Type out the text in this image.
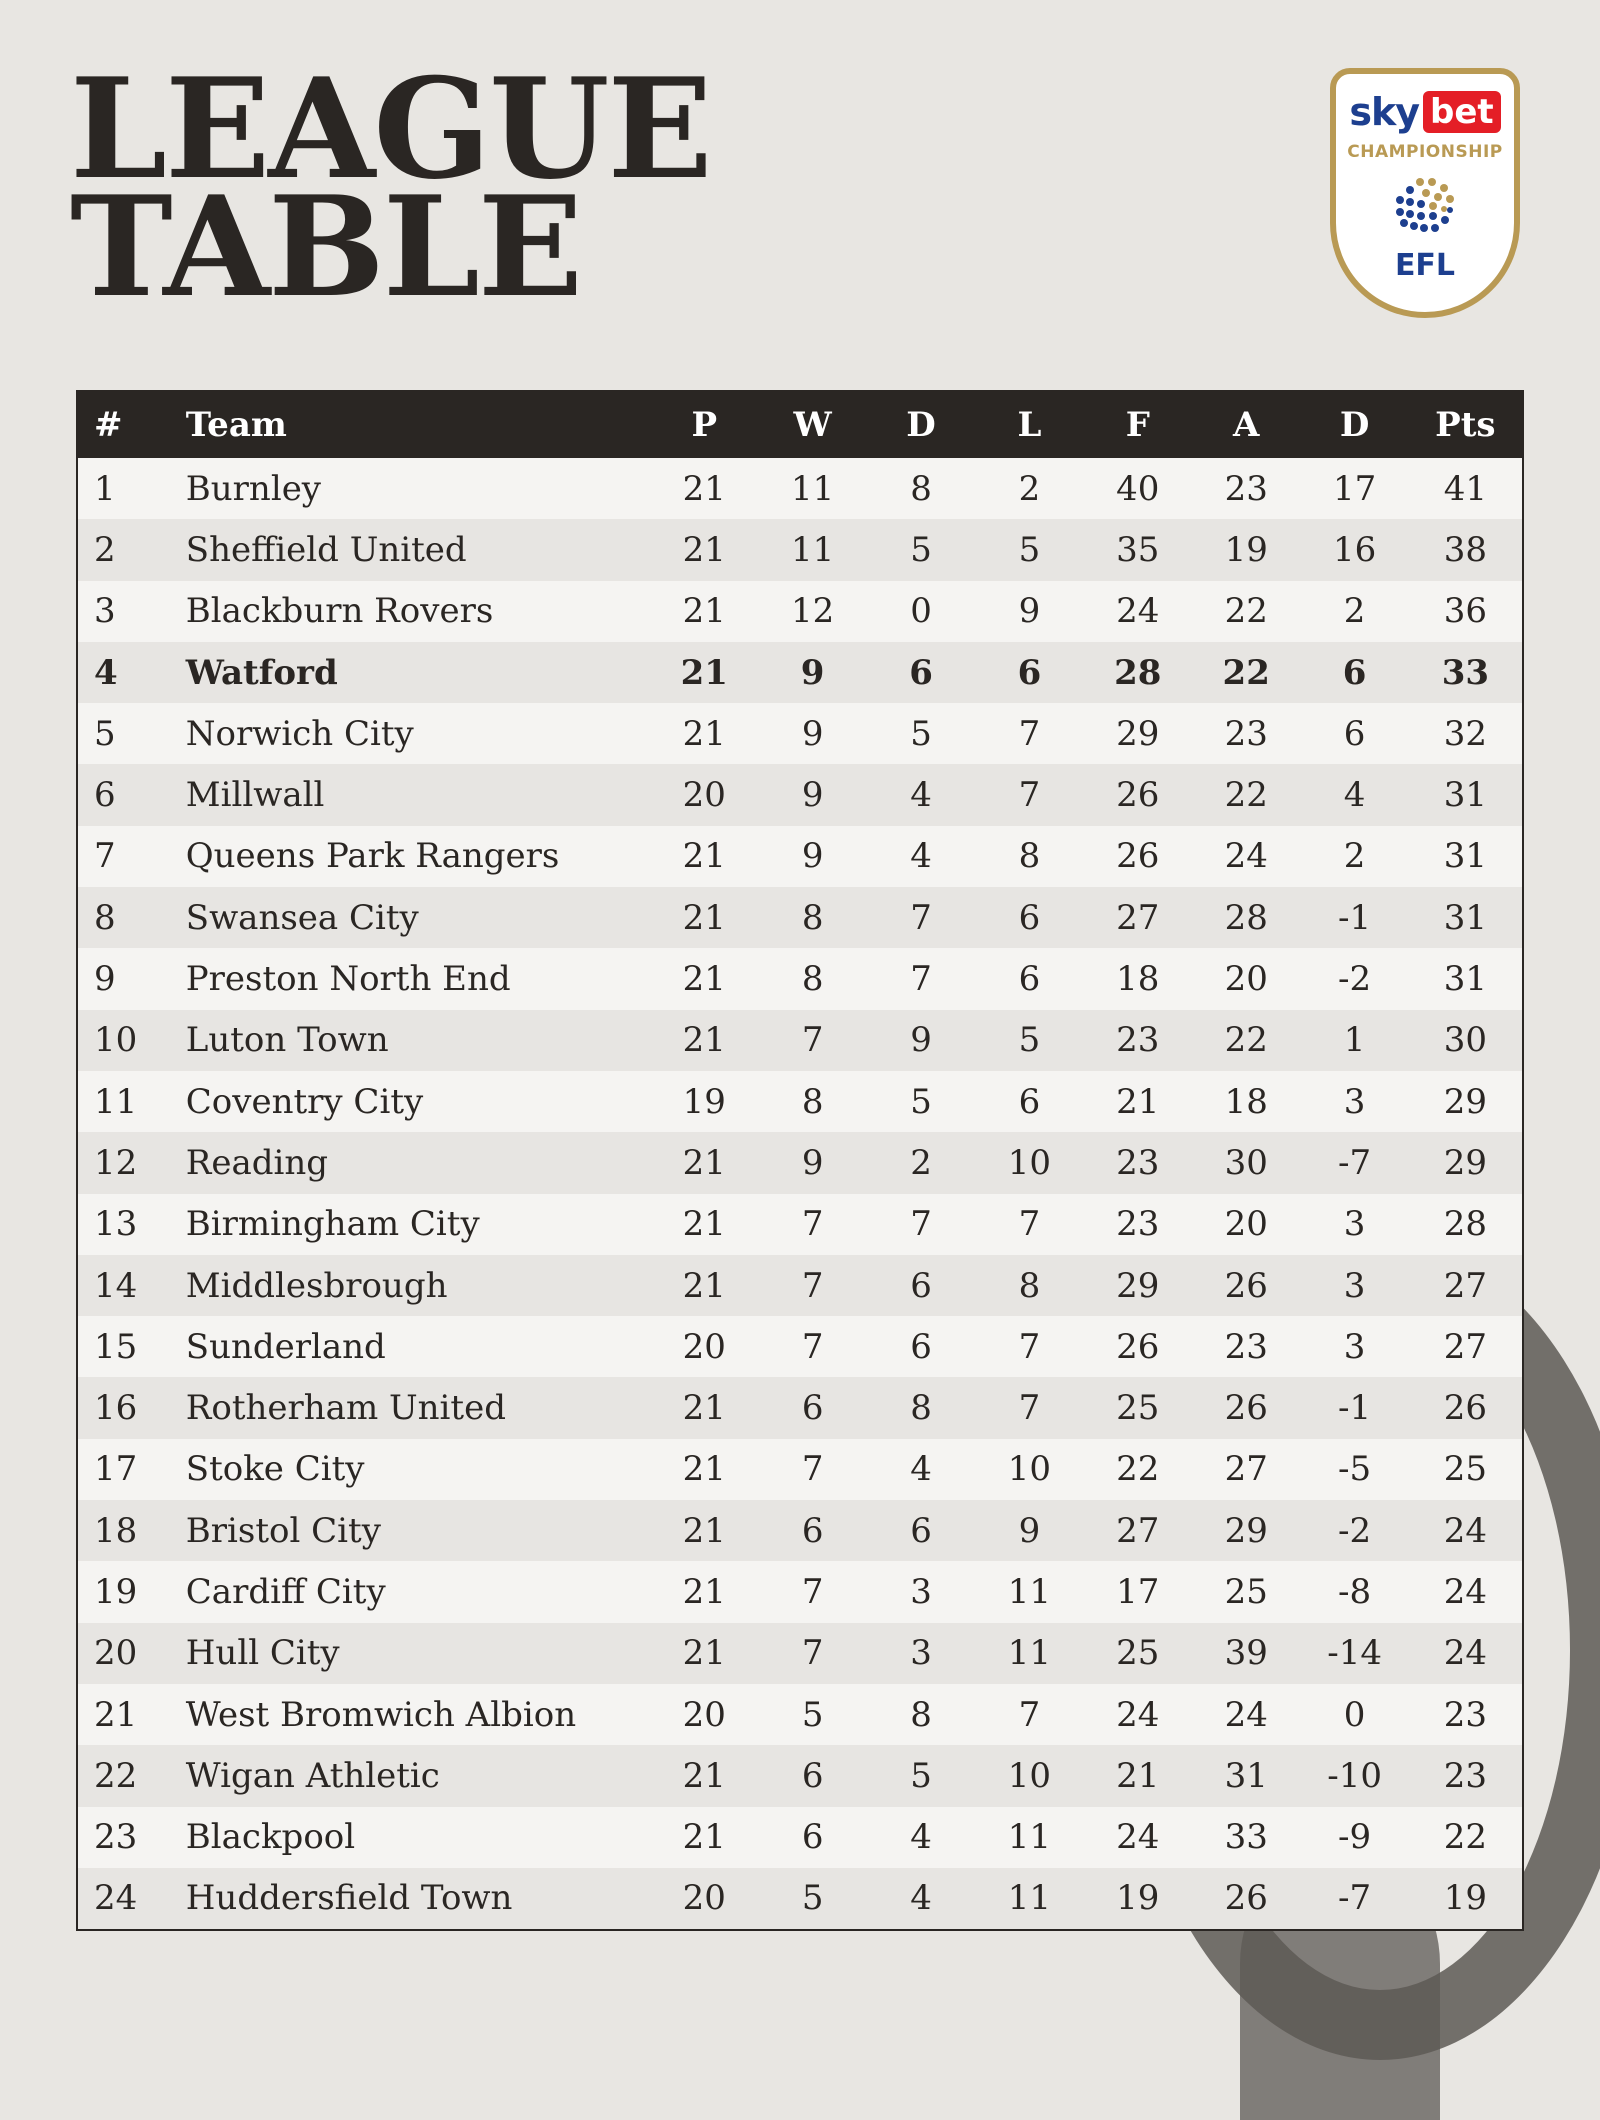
LEAGUE
TABLE
sky bet
CHAMPIONSHIP
EFL
#	Team	P	W	D	L	F	A	D	Pts
1	Burnley	21	11	8	2	40	23	17	41
2	Sheffield United	21	11	5	5	35	19	16	38
3	Blackburn Rovers	21	12	0	9	24	22	2	36
4	Watford	21	9	6	6	28	22	6	33
5	Norwich City	21	9	5	7	29	23	6	32
6	Millwall	20	9	4	7	26	22	4	31
7	Queens Park Rangers	21	9	4	8	26	24	2	31
8	Swansea City	21	8	7	6	27	28	-1	31
9	Preston North End	21	8	7	6	18	20	-2	31
10	Luton Town	21	7	9	5	23	22	1	30
11	Coventry City	19	8	5	6	21	18	3	29
12	Reading	21	9	2	10	23	30	-7	29
13	Birmingham City	21	7	7	7	23	20	3	28
14	Middlesbrough	21	7	6	8	29	26	3	27
15	Sunderland	20	7	6	7	26	23	3	27
16	Rotherham United	21	6	8	7	25	26	-1	26
17	Stoke City	21	7	4	10	22	27	-5	25
18	Bristol City	21	6	6	9	27	29	-2	24
19	Cardiff City	21	7	3	11	17	25	-8	24
20	Hull City	21	7	3	11	25	39	-14	24
21	West Bromwich Albion	20	5	8	7	24	24	0	23
22	Wigan Athletic	21	6	5	10	21	31	-10	23
23	Blackpool	21	6	4	11	24	33	-9	22
24	Huddersfield Town	20	5	4	11	19	26	-7	19
